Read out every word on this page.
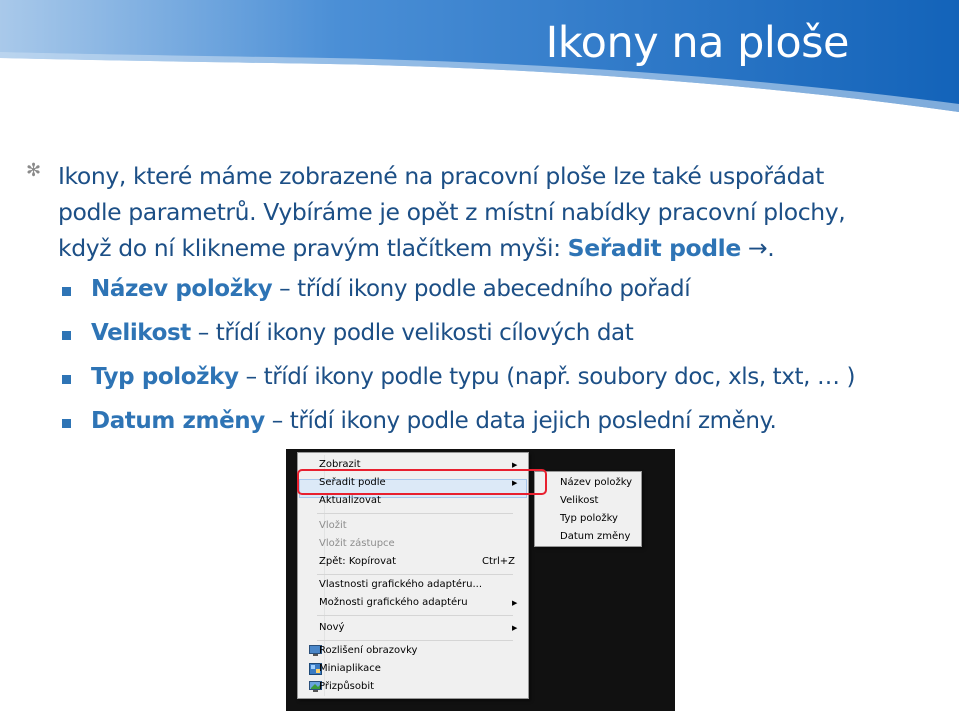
Ikony na ploše
✻ Ikony, které máme zobrazené na pracovní ploše lze také uspořádat
podle parametrů. Vybíráme je opět z místní nabídky pracovní plochy,
když do ní klikneme pravým tlačítkem myši: Seřadit podle →.
Název položky – třídí ikony podle abecedního pořadí
Velikost – třídí ikony podle velikosti cílových dat
Typ položky – třídí ikony podle typu (např. soubory doc, xls, txt, … )
Datum změny – třídí ikony podle data jejich poslední změny.
Zobrazit	▶
Seřadit podle	▶
Aktualizovat
Vložit
Vložit zástupce
Zpět: Kopírovat	Ctrl+Z
Vlastnosti grafického adaptéru...
Možnosti grafického adaptéru	▶
Nový	▶
Rozlišení obrazovky
Miniaplikace
Přizpůsobit
Název položky
Velikost
Typ položky
Datum změny
